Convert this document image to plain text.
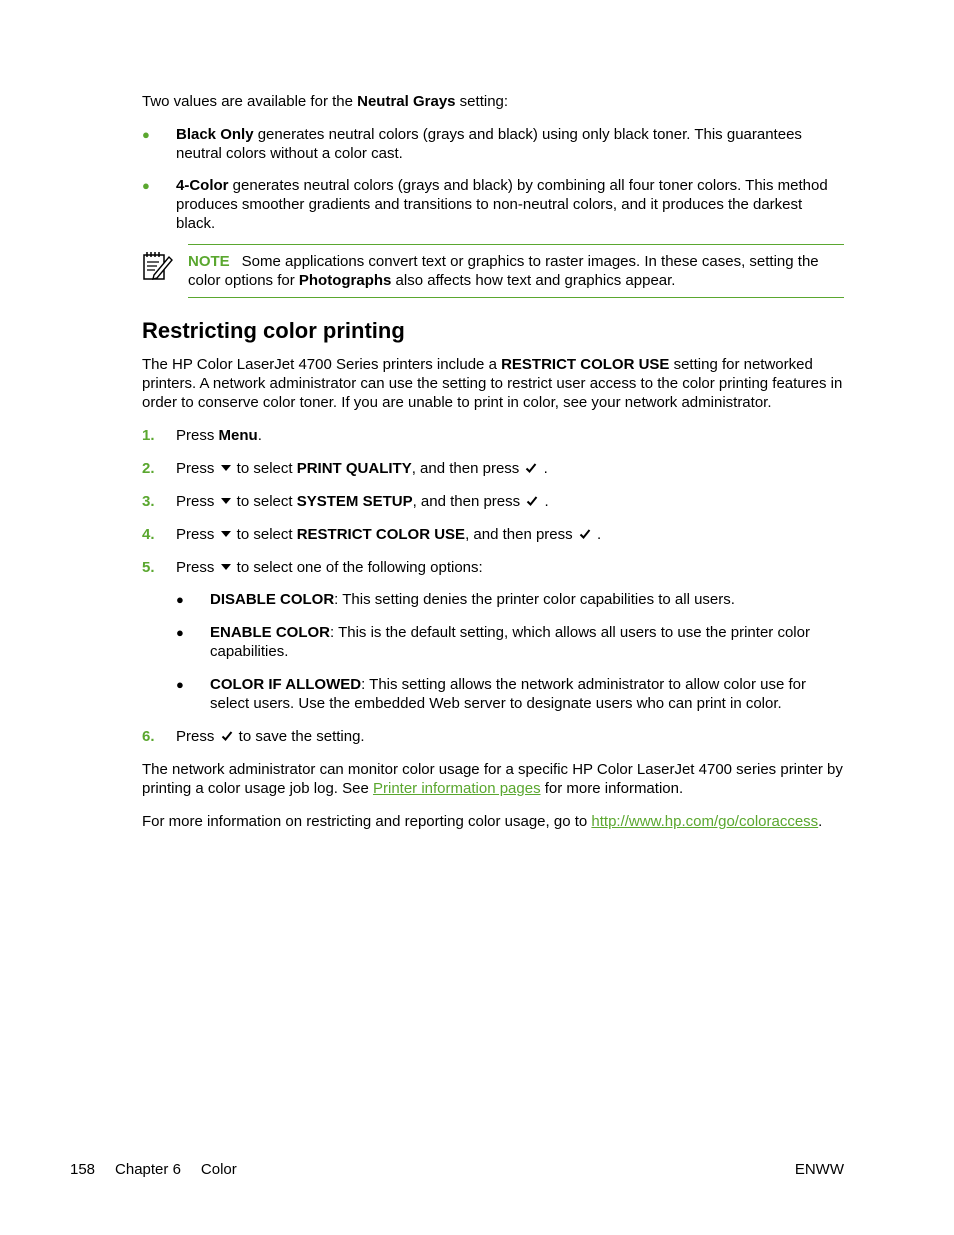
Two values are available for the Neutral Grays setting:

● Black Only generates neutral colors (grays and black) using only black toner. This guarantees neutral colors without a color cast.
● 4-Color generates neutral colors (grays and black) by combining all four toner colors. This method produces smoother gradients and transitions to non-neutral colors, and it produces the darkest black.
NOTE Some applications convert text or graphics to raster images. In these cases, setting the color options for Photographs also affects how text and graphics appear.
Restricting color printing

The HP Color LaserJet 4700 Series printers include a RESTRICT COLOR USE setting for networked printers. A network administrator can use the setting to restrict user access to the color printing features in order to conserve color toner. If you are unable to print in color, see your network administrator.

1. Press Menu.
2. Press  to select PRINT QUALITY, and then press  .
3. Press  to select SYSTEM SETUP, and then press  .
4. Press  to select RESTRICT COLOR USE, and then press  .
5. Press  to select one of the following options:
● DISABLE COLOR: This setting denies the printer color capabilities to all users.
● ENABLE COLOR: This is the default setting, which allows all users to use the printer color capabilities.
● COLOR IF ALLOWED: This setting allows the network administrator to allow color use for select users. Use the embedded Web server to designate users who can print in color.
6. Press  to save the setting.

The network administrator can monitor color usage for a specific HP Color LaserJet 4700 series printer by printing a color usage job log. See Printer information pages for more information.

For more information on restricting and reporting color usage, go to http://www.hp.com/go/coloraccess.

158 Chapter 6 Color	ENWW
